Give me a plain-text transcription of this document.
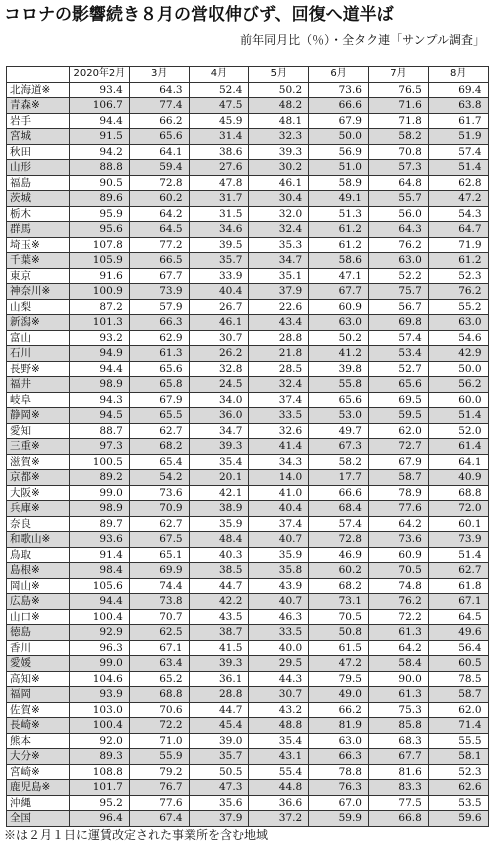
コロナの影響続き８月の営収伸びず、回復へ道半ば
前年同月比（％）・全タク連「サンプル調査」
	2020年2月	3月	4月	5月	6月	7月	8月
北海道※	93.4	64.3	52.4	50.2	73.6	76.5	69.4
青森※	106.7	77.4	47.5	48.2	66.6	71.6	63.8
岩手	94.4	66.2	45.9	48.1	67.9	71.8	61.7
宮城	91.5	65.6	31.4	32.3	50.0	58.2	51.9
秋田	94.2	64.1	38.6	39.3	56.9	70.8	57.4
山形	88.8	59.4	27.6	30.2	51.0	57.3	51.4
福島	90.5	72.8	47.8	46.1	58.9	64.8	62.8
茨城	89.6	60.2	31.7	30.4	49.1	55.7	47.2
栃木	95.9	64.2	31.5	32.0	51.3	56.0	54.3
群馬	95.6	64.5	34.6	32.4	61.2	64.3	64.7
埼玉※	107.8	77.2	39.5	35.3	61.2	76.2	71.9
千葉※	105.9	66.5	35.7	34.7	58.6	63.0	61.2
東京	91.6	67.7	33.9	35.1	47.1	52.2	52.3
神奈川※	100.9	73.9	40.4	37.9	67.7	75.7	76.2
山梨	87.2	57.9	26.7	22.6	60.9	56.7	55.2
新潟※	101.3	66.3	46.1	43.4	63.0	69.8	63.0
富山	93.2	62.9	30.7	28.8	50.2	57.4	54.6
石川	94.9	61.3	26.2	21.8	41.2	53.4	42.9
長野※	94.4	65.6	32.8	28.5	39.8	52.7	50.0
福井	98.9	65.8	24.5	32.4	55.8	65.6	56.2
岐阜	94.3	67.9	34.0	37.4	65.6	69.5	60.0
静岡※	94.5	65.5	36.0	33.5	53.0	59.5	51.4
愛知	88.7	62.7	34.7	32.6	49.7	62.0	52.0
三重※	97.3	68.2	39.3	41.4	67.3	72.7	61.4
滋賀※	100.5	65.4	35.4	34.3	58.2	67.9	64.1
京都※	89.2	54.2	20.1	14.0	17.7	58.7	40.9
大阪※	99.0	73.6	42.1	41.0	66.6	78.9	68.8
兵庫※	98.9	70.9	38.9	40.4	68.4	77.6	72.0
奈良	89.7	62.7	35.9	37.4	57.4	64.2	60.1
和歌山※	93.6	67.5	48.4	40.7	72.8	73.6	73.9
鳥取	91.4	65.1	40.3	35.9	46.9	60.9	51.4
島根※	98.4	69.9	38.5	35.8	60.2	70.5	62.7
岡山※	105.6	74.4	44.7	43.9	68.2	74.8	61.8
広島※	94.4	73.8	42.2	40.7	73.1	76.2	67.1
山口※	100.4	70.7	43.5	46.3	70.5	72.2	64.5
徳島	92.9	62.5	38.7	33.5	50.8	61.3	49.6
香川	96.3	67.1	41.5	40.0	61.5	64.2	56.4
愛媛	99.0	63.4	39.3	29.5	47.2	58.4	60.5
高知※	104.6	65.2	36.1	44.3	79.5	90.0	78.5
福岡	93.9	68.8	28.8	30.7	49.0	61.3	58.7
佐賀※	103.0	70.6	44.7	43.2	66.2	75.3	62.0
長崎※	100.4	72.2	45.4	48.8	81.9	85.8	71.4
熊本	92.0	71.0	39.0	35.4	63.0	68.3	55.5
大分※	89.3	55.9	35.7	43.1	66.3	67.7	58.1
宮崎※	108.8	79.2	50.5	55.4	78.8	81.6	52.3
鹿児島※	101.7	76.7	47.3	44.8	76.3	83.3	62.6
沖縄	95.2	77.6	35.6	36.6	67.0	77.5	53.5
全国	96.4	67.4	37.9	37.2	59.9	66.8	59.6
※は２月１日に運賃改定された事業所を含む地域
